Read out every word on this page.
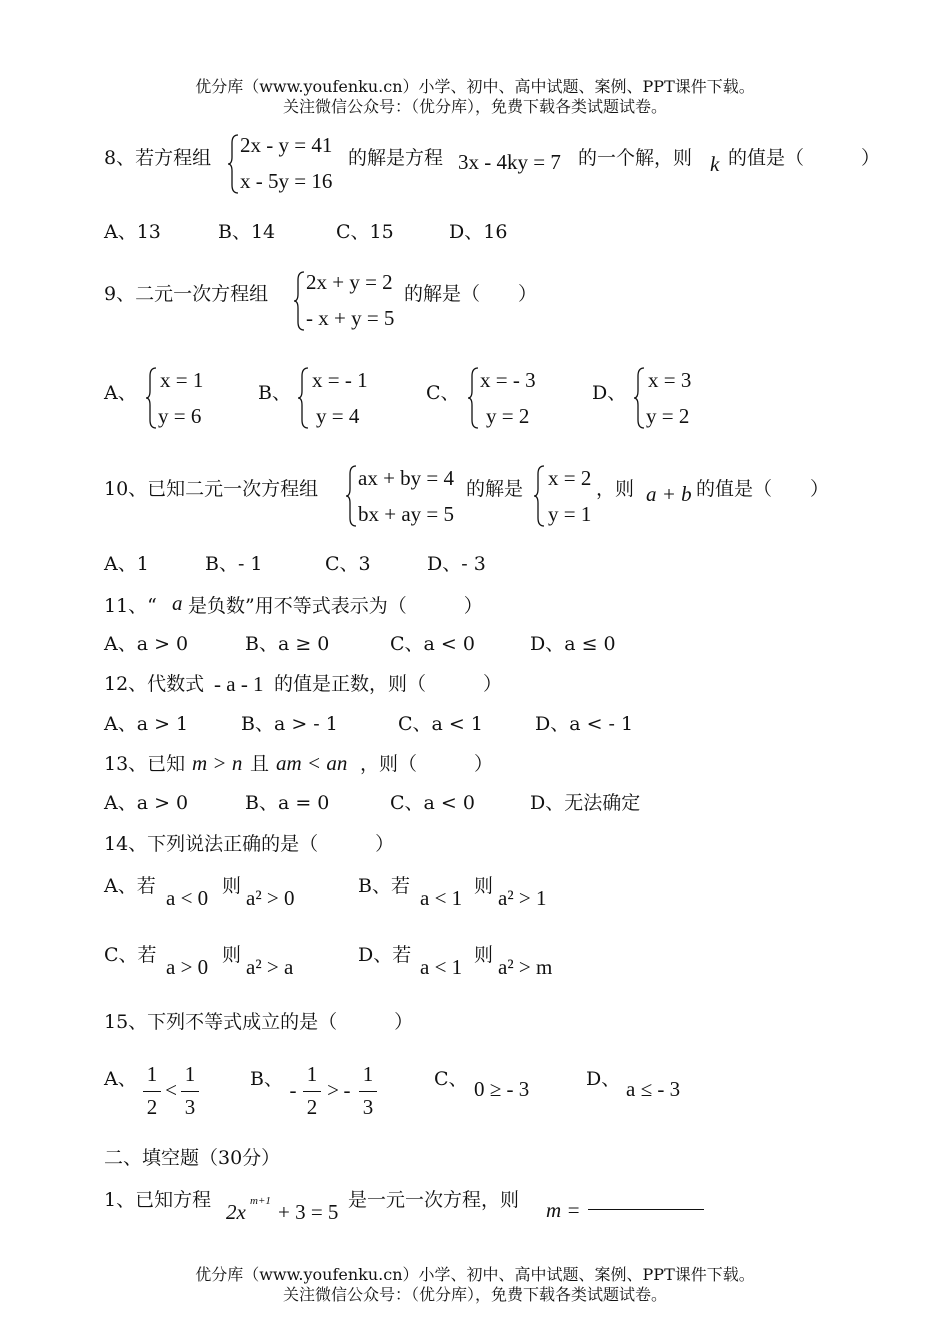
优分库（www.youfenku.cn）小学、初中、高中试题、案例、PPT课件下载。
关注微信公众号：（优分库），免费下载各类试题试卷。
8、若方程组
2x - y = 41
x - 5y = 16
的解是方程 3x - 4ky = 7 的一个解，则 k 的值是（　　　）
A、13	B、14	C、15	D、16
9、二元一次方程组 2x + y = 2
- x + y = 5
的解是（　　）
A、
x = 1
y = 6
B、
x = - 1
y = 4
C、
x = - 3
y = 2
D、
x = 3
y = 2
10、已知二元一次方程组 ax + by = 4
bx + ay = 5
的解是 x = 2
y = 1
，则 a + b 的值是（　　）
A、1	B、- 1	C、3	D、- 3
11、“ a 是负数”用不等式表示为（　　　）
A、a > 0	B、a ≥ 0	C、a < 0	D、a ≤ 0
12、代数式 - a - 1 的值是正数，则（　　　）
A、a > 1	B、a > - 1	C、a < 1	D、a < - 1
13、已知 m > n 且 am < an ，则（　　　）
A、a > 0	B、a = 0	C、a < 0	D、无法确定
14、下列说法正确的是（　　　）
A、若 a < 0 则 a² > 0	B、若 a < 1 则 a² > 1
C、若 a > 0 则 a² > a	D、若 a < 1 则 a² > m
15、下列不等式成立的是（　　　）
A、 1
2
<
1
3
B、 -
1
2
> -
1
3
C、 0 ≥ - 3	D、 a ≤ - 3
二、填空题（30分）
1、已知方程 2x m+1 + 3 = 5 是一元一次方程，则 m =
优分库（www.youfenku.cn）小学、初中、高中试题、案例、PPT课件下载。
关注微信公众号：（优分库），免费下载各类试题试卷。
